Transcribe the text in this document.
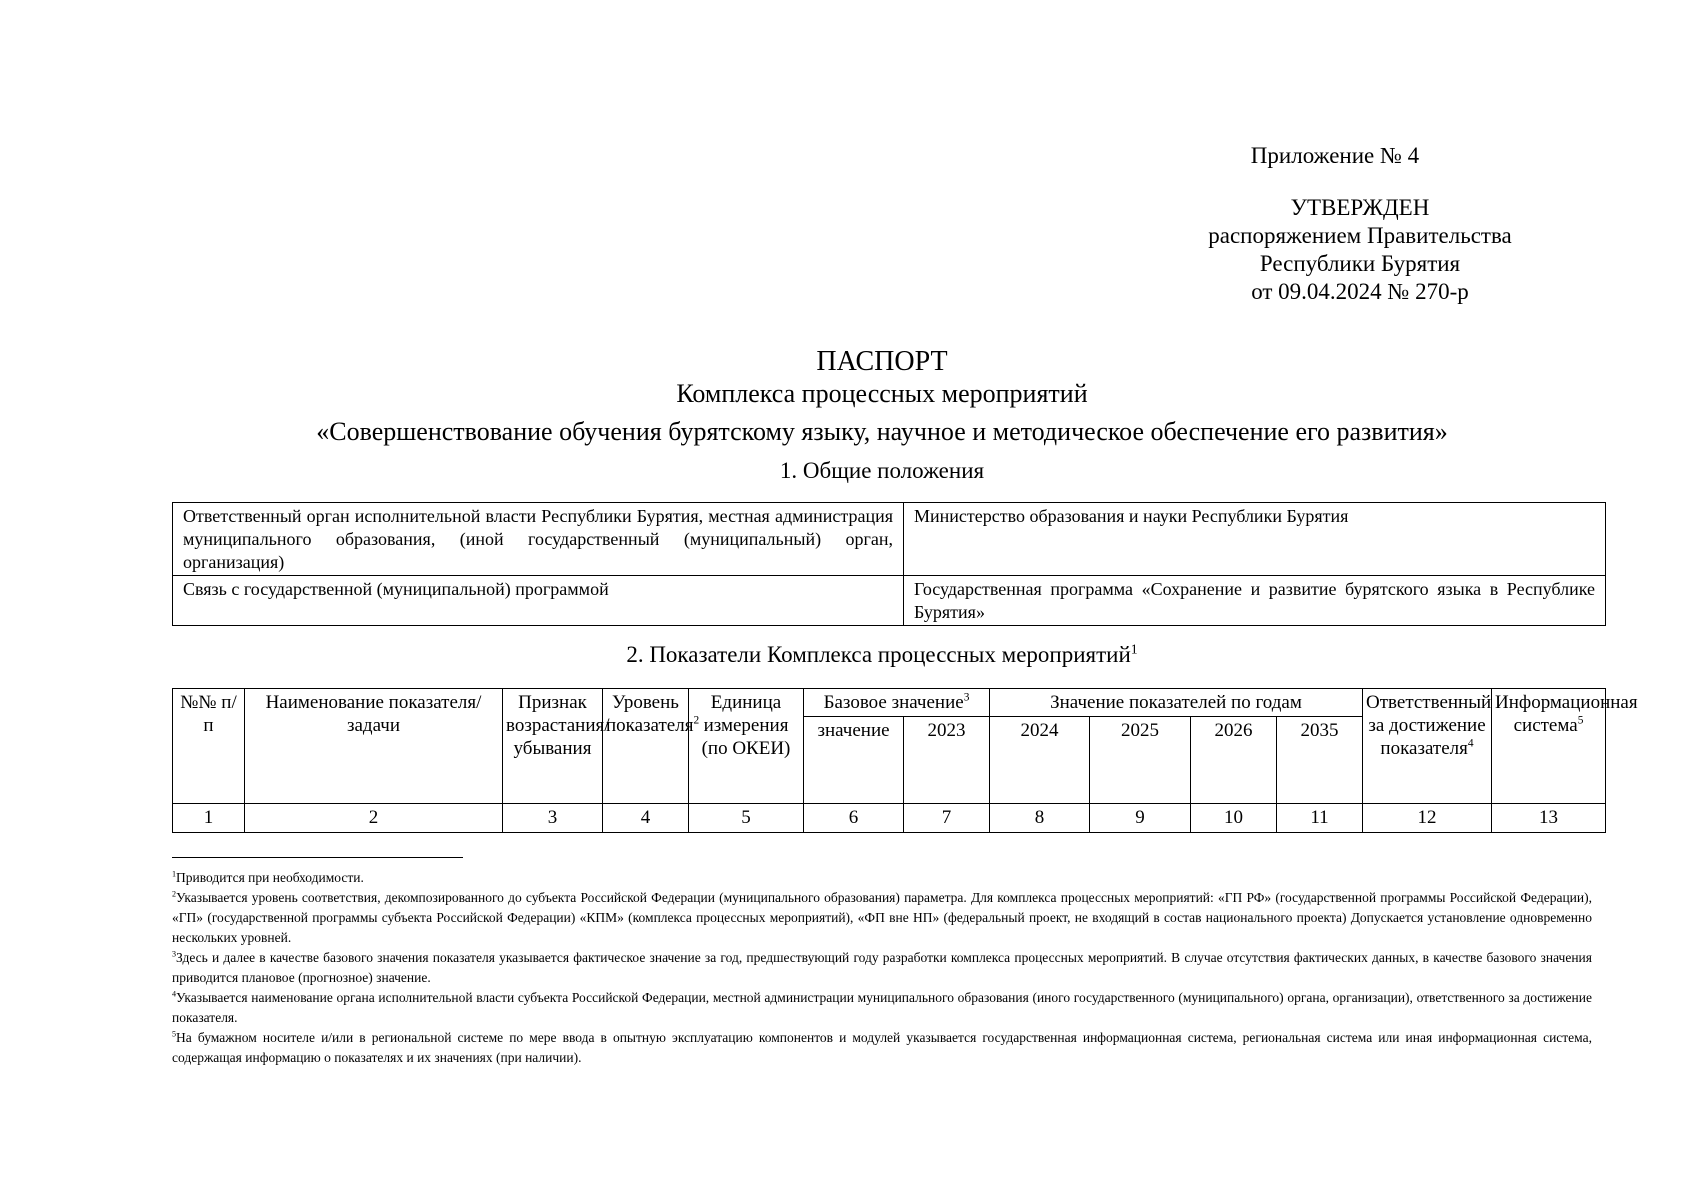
Приложение № 4
УТВЕРЖДЕН
распоряжением Правительства
Республики Бурятия
от 09.04.2024 № 270-р
ПАСПОРТ
Комплекса процессных мероприятий
«Совершенствование обучения бурятскому языку, научное и методическое обеспечение его развития»
1. Общие положения
Ответственный орган исполнительной власти Республики Бурятия, местная администрация муниципального образования, (иной государственный (муниципальный) орган, организация)	Министерство образования и науки Республики Бурятия
Связь с государственной (муниципальной) программой	Государственная программа «Сохранение и развитие бурятского языка в Республике Бурятия»
2. Показатели Комплекса процессных мероприятий$^1$
№№ п/п	Наименование показателя/задачи	Признак возрастания/ убывания	Уровень показателя$^2$	Единица измерения (по ОКЕИ)	Базовое значение$^3$		Значение показателей по годам				Ответственный за достижение показателя$^4$	Информационная система$^5$
					значение	2023	2024	2025	2026	2035		
1	2	3	4	5	6	7	8	9	10	11	12	13

$^1$Приводится при необходимости.

$^2$Указывается уровень соответствия, декомпозированного до субъекта Российской Федерации (муниципального образования) параметра. Для комплекса процессных мероприятий: «ГП РФ» (государственной программы Российской Федерации), «ГП» (государственной программы субъекта Российской Федерации) «КПМ» (комплекса процессных мероприятий), «ФП вне НП» (федеральный проект, не входящий в состав национального проекта) Допускается установление одновременно нескольких уровней.

$^3$Здесь и далее в качестве базового значения показателя указывается фактическое значение за год, предшествующий году разработки комплекса процессных мероприятий. В случае отсутствия фактических данных, в качестве базового значения приводится плановое (прогнозное) значение.

$^4$Указывается наименование органа исполнительной власти субъекта Российской Федерации, местной администрации муниципального образования (иного государственного (муниципального) органа, организации), ответственного за достижение показателя.

$^5$На бумажном носителе и/или в региональной системе по мере ввода в опытную эксплуатацию компонентов и модулей указывается государственная информационная система, региональная система или иная информационная система, содержащая информацию о показателях и их значениях (при наличии).
